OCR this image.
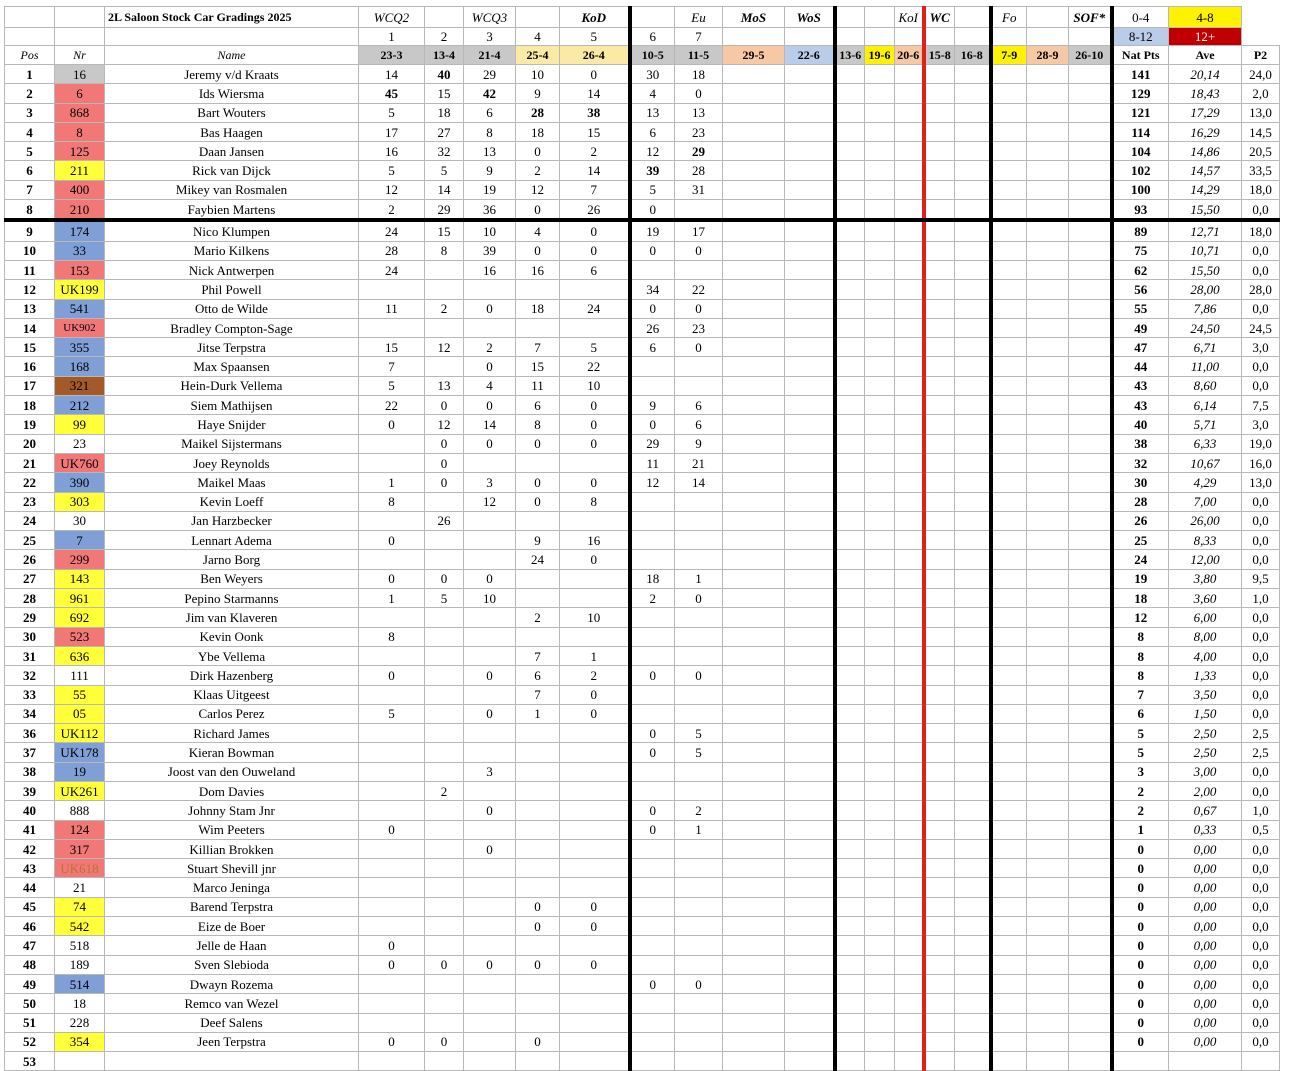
		2L Saloon Stock Car Gradings 2025	WCQ2		WCQ3		KoD		Eu	MoS	WoS			KoI	WC		Fo		SOF*	0-4	4-8	
			1	2	3	4	5	6	7											8-12	12+	
Pos	Nr	Name	23-3	13-4	21-4	25-4	26-4	10-5	11-5	29-5	22-6	13-6	19-6	20-6	15-8	16-8	7-9	28-9	26-10	Nat Pts	Ave	P2
1	16	Jeremy v/d Kraats	14	40	29	10	0	30	18											141	20,14	24,0
2	6	Ids Wiersma	45	15	42	9	14	4	0											129	18,43	2,0
3	868	Bart Wouters	5	18	6	28	38	13	13											121	17,29	13,0
4	8	Bas Haagen	17	27	8	18	15	6	23											114	16,29	14,5
5	125	Daan Jansen	16	32	13	0	2	12	29											104	14,86	20,5
6	211	Rick van Dijck	5	5	9	2	14	39	28											102	14,57	33,5
7	400	Mikey van Rosmalen	12	14	19	12	7	5	31											100	14,29	18,0
8	210	Faybien Martens	2	29	36	0	26	0												93	15,50	0,0
9	174	Nico Klumpen	24	15	10	4	0	19	17											89	12,71	18,0
10	33	Mario Kilkens	28	8	39	0	0	0	0											75	10,71	0,0
11	153	Nick Antwerpen	24		16	16	6													62	15,50	0,0
12	UK199	Phil Powell						34	22											56	28,00	28,0
13	541	Otto de Wilde	11	2	0	18	24	0	0											55	7,86	0,0
14	UK902	Bradley Compton-Sage						26	23											49	24,50	24,5
15	355	Jitse Terpstra	15	12	2	7	5	6	0											47	6,71	3,0
16	168	Max Spaansen	7		0	15	22													44	11,00	0,0
17	321	Hein-Durk Vellema	5	13	4	11	10													43	8,60	0,0
18	212	Siem Mathijsen	22	0	0	6	0	9	6											43	6,14	7,5
19	99	Haye Snijder	0	12	14	8	0	0	6											40	5,71	3,0
20	23	Maikel Sijstermans		0	0	0	0	29	9											38	6,33	19,0
21	UK760	Joey Reynolds		0				11	21											32	10,67	16,0
22	390	Maikel Maas	1	0	3	0	0	12	14											30	4,29	13,0
23	303	Kevin Loeff	8		12	0	8													28	7,00	0,0
24	30	Jan Harzbecker		26																26	26,00	0,0
25	7	Lennart Adema	0			9	16													25	8,33	0,0
26	299	Jarno Borg				24	0													24	12,00	0,0
27	143	Ben Weyers	0	0	0			18	1											19	3,80	9,5
28	961	Pepino Starmanns	1	5	10			2	0											18	3,60	1,0
29	692	Jim van Klaveren				2	10													12	6,00	0,0
30	523	Kevin Oonk	8																	8	8,00	0,0
31	636	Ybe Vellema				7	1													8	4,00	0,0
32	111	Dirk Hazenberg	0		0	6	2	0	0											8	1,33	0,0
33	55	Klaas Uitgeest				7	0													7	3,50	0,0
34	05	Carlos Perez	5		0	1	0													6	1,50	0,0
36	UK112	Richard James						0	5											5	2,50	2,5
37	UK178	Kieran Bowman						0	5											5	2,50	2,5
38	19	Joost van den Ouweland			3															3	3,00	0,0
39	UK261	Dom Davies		2																2	2,00	0,0
40	888	Johnny Stam Jnr			0			0	2											2	0,67	1,0
41	124	Wim Peeters	0					0	1											1	0,33	0,5
42	317	Killian Brokken			0															0	0,00	0,0
43	UK618	Stuart Shevill jnr																		0	0,00	0,0
44	21	Marco Jeninga																		0	0,00	0,0
45	74	Barend Terpstra				0	0													0	0,00	0,0
46	542	Eize de Boer				0	0													0	0,00	0,0
47	518	Jelle de Haan	0																	0	0,00	0,0
48	189	Sven Slebioda	0	0	0	0	0													0	0,00	0,0
49	514	Dwayn Rozema						0	0											0	0,00	0,0
50	18	Remco van Wezel																		0	0,00	0,0
51	228	Deef Salens																		0	0,00	0,0
52	354	Jeen Terpstra	0	0		0														0	0,00	0,0
53																						
